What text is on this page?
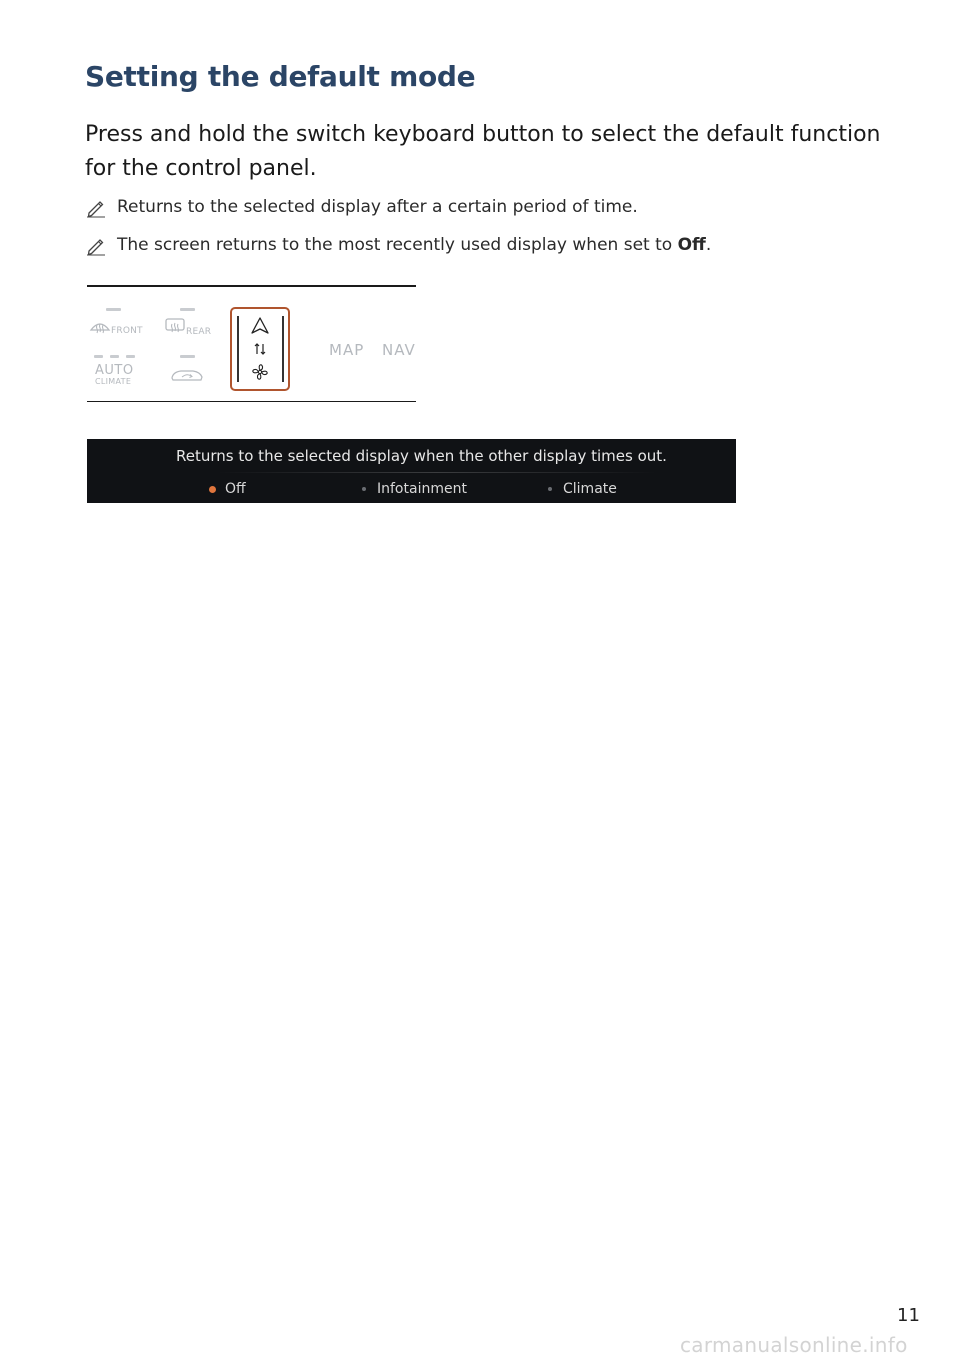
Setting the default mode
Press and hold the switch keyboard button to select the default function for the control panel.
Returns to the selected display after a certain period of time.
The screen returns to the most recently used display when set to Off.
FRONT	REAR
AUTO
CLIMATE
MAP NAV
Returns to the selected display when the other display times out.
Off	Infotainment	Climate
11
carmanualsonline.info
